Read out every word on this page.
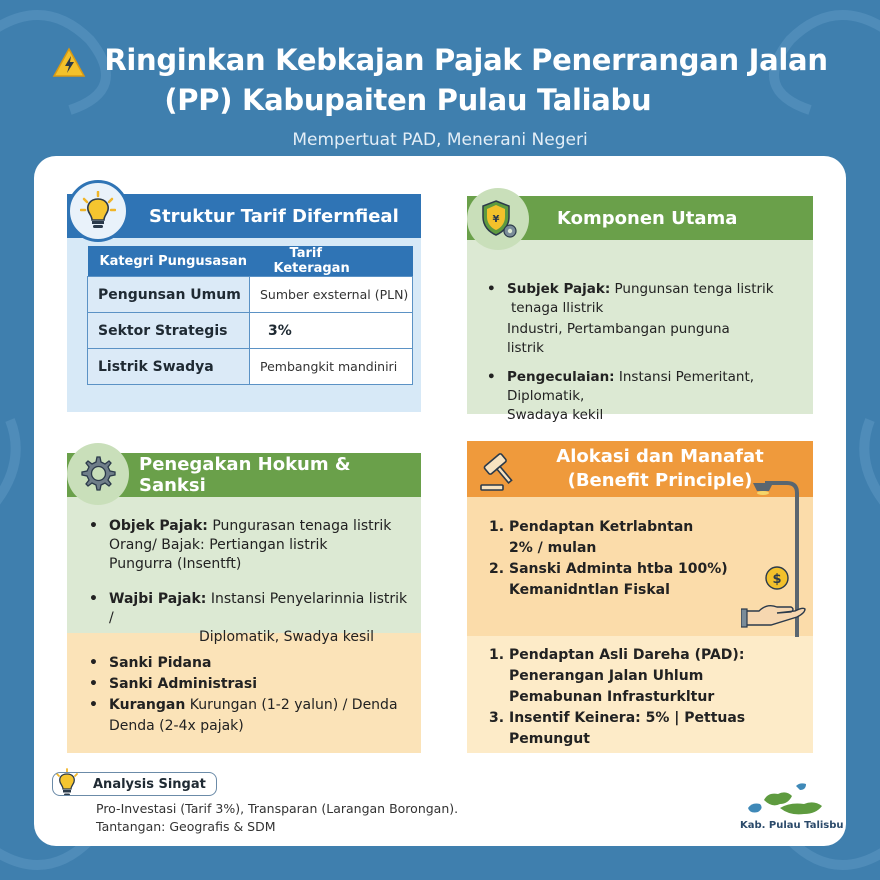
Ringinkan Kebkajan Pajak Penerrangan Jalan
(PP) Kabupaiten Pulau Taliabu
Mempertuat PAD, Menerani Negeri
Struktur Tarif Difernfieal
Kategri Pungusasan	Tarif Keteragan
Pengunsan Umum	Sumber exsternal (PLN)
Sektor Strategis	3%
Listrik Swadya	Pembangkit mandiniri
Komponen Utama
¥
• Subjek Pajak: Pungunsan tenga listrik
tenaga llistrik
Industri, Pertambangan punguna
listrik
• Pengeculaian: Instansi Pemeritant, Diplomatik,
Swadaya kekil
Penegakan Hokum & Sanksi
• Objek Pajak: Pungurasan tenaga listrik
Orang/ Bajak: Pertiangan listrik
Pungurra (Insentft)
• Wajbi Pajak: Instansi Penyelarinnia listrik /
Diplomatik, Swadya kesil
• Sanki Pidana
• Sanki Administrasi
• Kurangan Kurungan (1-2 yalun) / Denda
Denda (2-4x pajak)
Alokasi dan Manafat
(Benefit Principle)
$
1. Pendaptan Ketrlabntan
2% / mulan
2. Sanski Adminta htba 100%)
Kemanidntlan Fiskal
1. Pendaptan Asli Dareha (PAD):
Penerangan Jalan Uhlum
Pemabunan Infrasturkltur
3. Insentif Keinera: 5% | Pettuas Pemungut
Analysis Singat
Pro-Investasi (Tarif 3%), Transparan (Larangan Borongan).
Tantangan: Geografis & SDM	Kab. Pulau Talisbu
